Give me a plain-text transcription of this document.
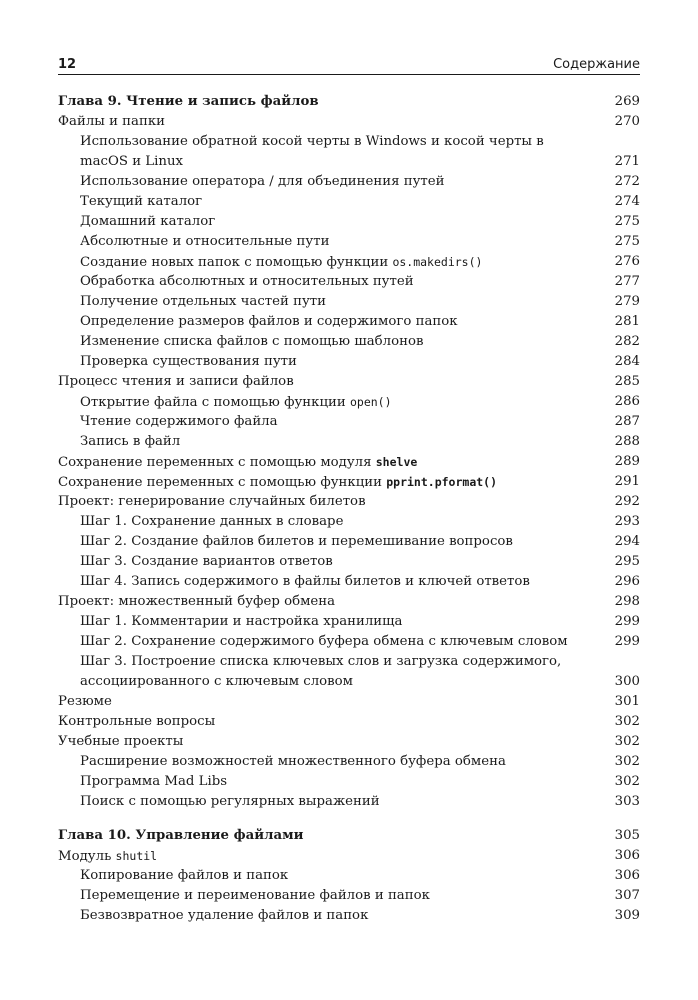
12	Содержание
Глава 9. Чтение и запись файлов	269
Файлы и папки	270
Использование обратной косой черты в Windows и косой черты в macOS и Linux	271
Использование оператора / для объединения путей	272
Текущий каталог	274
Домашний каталог	275
Абсолютные и относительные пути	275
Создание новых папок с помощью функции os.makedirs()	276
Обработка абсолютных и относительных путей	277
Получение отдельных частей пути	279
Определение размеров файлов и содержимого папок	281
Изменение списка файлов с помощью шаблонов	282
Проверка существования пути	284
Процесс чтения и записи файлов	285
Открытие файла с помощью функции open()	286
Чтение содержимого файла	287
Запись в файл	288
Сохранение переменных с помощью модуля shelve	289
Сохранение переменных с помощью функции pprint.pformat()	291
Проект: генерирование случайных билетов	292
Шаг 1. Сохранение данных в словаре	293
Шаг 2. Создание файлов билетов и перемешивание вопросов	294
Шаг 3. Создание вариантов ответов	295
Шаг 4. Запись содержимого в файлы билетов и ключей ответов	296
Проект: множественный буфер обмена	298
Шаг 1. Комментарии и настройка хранилища	299
Шаг 2. Сохранение содержимого буфера обмена с ключевым словом	299
Шаг 3. Построение списка ключевых слов и загрузка содержимого, ассоциированного с ключевым словом	300
Резюме	301
Контрольные вопросы	302
Учебные проекты	302
Расширение возможностей множественного буфера обмена	302
Программа Mad Libs	302
Поиск с помощью регулярных выражений	303
Глава 10. Управление файлами	305
Модуль shutil	306
Копирование файлов и папок	306
Перемещение и переименование файлов и папок	307
Безвозвратное удаление файлов и папок	309
